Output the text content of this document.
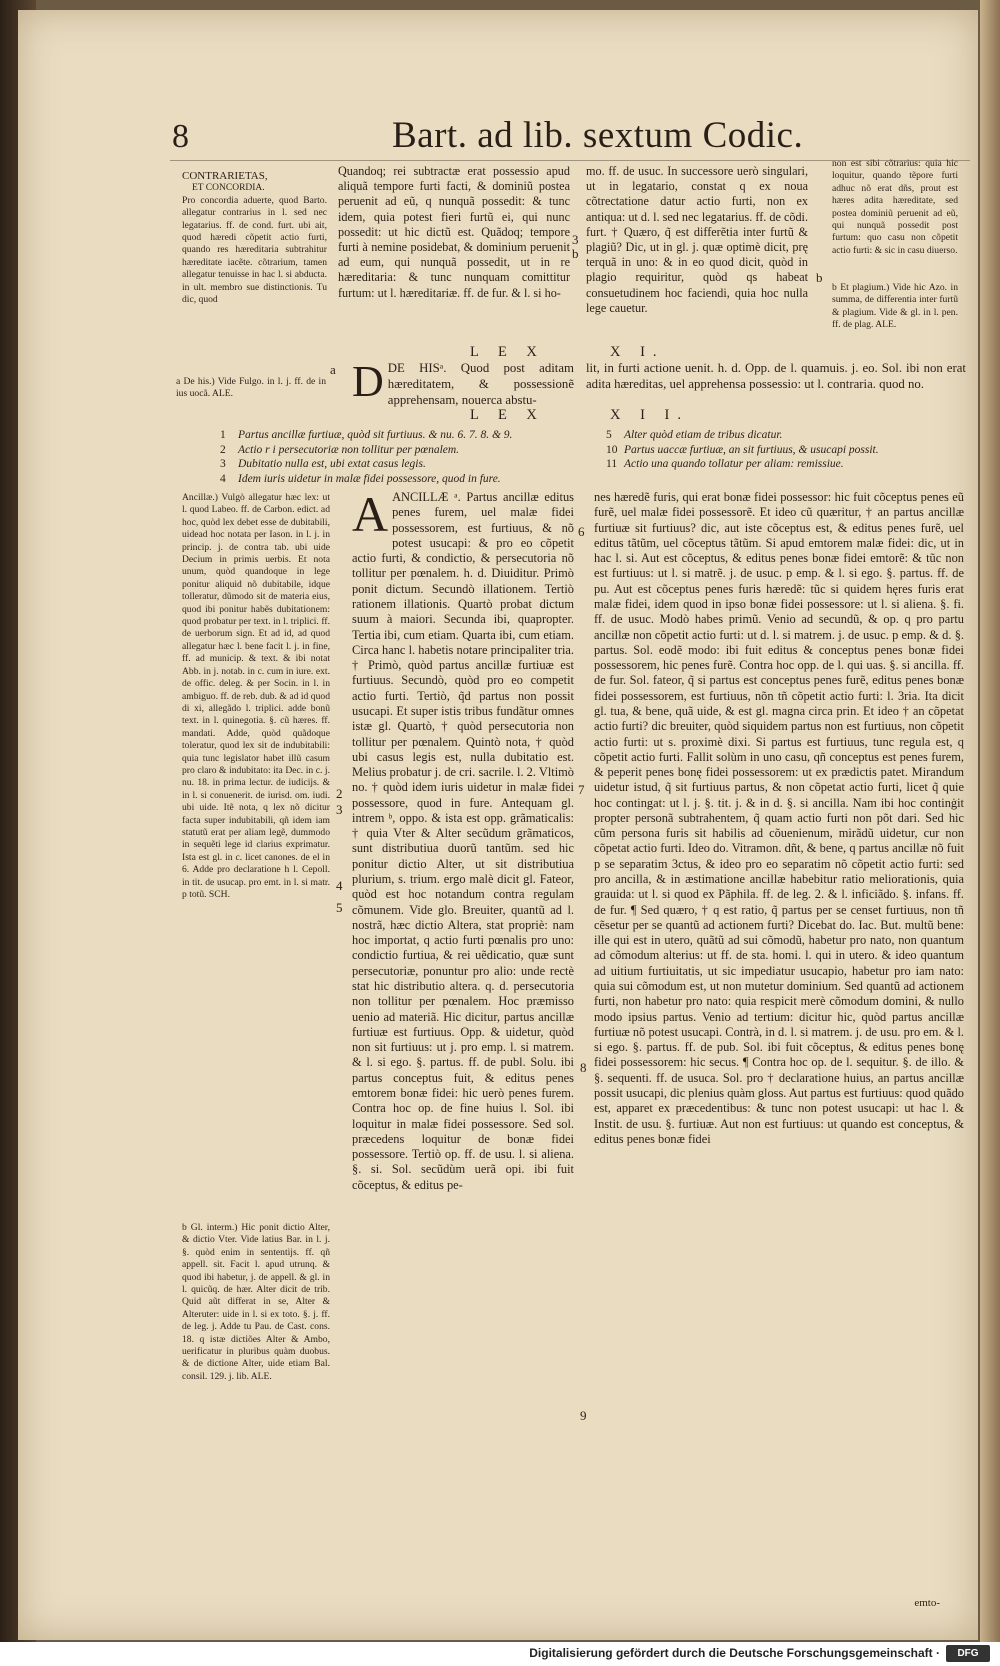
8	Bart. ad lib. sextum Codic.
CONTRARIETAS,
ET CONCORDIA.

Pro concordia aduerte, quod Barto. allegatur contrarius in l. sed nec legatarius. ff. de cond. furt. ubi ait, quod hæredi cõpetit actio furti, quando res hæreditaria subtrahitur hæreditate iacẽte. cõtrarium, tamen allegatur tenuisse in hac l. si abducta. in ult. membro sue distinctionis. Tu dic, quod

a De his.) Vide Fulgo. in l. j. ff. de in ius uocã. ALE.
Ancillæ.) Vulgò allegatur hæc lex: ut l. quod Labeo. ff. de Carbon. edict. ad hoc, quòd lex debet esse de dubitabili, uidead hoc notata per Iason. in l. j. in princip. j. de contra tab. ubi uide Decium in primis uerbis. Et nota unum, quòd quandoque in lege ponitur aliquid nõ dubitabile, idque tolleratur, dũmodo sit de materia eius, quod ibi ponitur habẽs dubitationem: quod probatur per text. in l. triplici. ff. de uerborum sign. Et ad id, ad quod allegatur hæc l. bene facit l. j. in fine, ff. ad municip. & text. & ibi notat Abb. in j. notab. in c. cum in iure. ext. de offic. deleg. & per Socin. in l. in ambiguo. ff. de reb. dub. & ad id quod di xi, allegãdo l. triplici. adde bonũ text. in l. quinegotia. §. cũ hæres. ff. mandati. Adde, quòd quãdoque toleratur, quod lex sit de indubitabili: quia tunc legislator habet illũ casum pro claro & indubitato: ita Dec. in c. j. nu. 18. in prima lectur. de iudicijs. & in l. si conuenerit. de iurisd. om. iudi. ubi uide. Itẽ nota, q lex nõ dicitur facta super indubitabili, qñ idem iam statutũ erat per aliam legẽ, dummodo in sequẽti lege id clarius exprimatur. Ista est gl. in c. licet canones. de el in 6. Adde pro declaratione h l. Cepoll. in tit. de usucap. pro emt. in l. si matr. p totũ. SCH.
b Gl. interm.) Hic ponit dictio Alter, & dictio Vter. Vide latius Bar. in l. j. §. quòd enim in sententijs. ff. qñ appell. sit. Facit l. apud utrunq. & quod ibi habetur, j. de appell. & gl. in l. quicũq. de hær. Alter dicit de trib. Quid aũt differat in se, Alter & Alteruter: uide in l. si ex toto. §. j. ff. de leg. j. Adde tu Pau. de Cast. cons. 18. q istæ dictiões Alter & Ambo, uerificatur in pluribus quàm duobus. & de dictione Alter, uide etiam Bal. consil. 129. j. lib. ALE.
Quandoq; rei subtractæ erat possessio apud aliquã tempore furti facti, & dominiũ postea peruenit ad eũ, q nunquã possedit: & tunc idem, quia potest fieri furtũ ei, qui nunc possedit: ut hic dictũ est. Quãdoq; tempore furti à nemine posidebat, & dominium peruenit ad eum, qui nunquã possedit, ut in re hæreditaria: & tunc nunquam comittitur furtum: ut l. hæreditariæ. ff. de fur. & l. si ho-
mo. ff. de usuc. In successore uerò singulari, ut in legatario, constat q ex noua cõtrectatione datur actio furti, non ex antiqua: ut d. l. sed nec legatarius. ff. de cõdi. furt. † Quæro, q̃ est differẽtia inter furtũ & plagiũ? Dic, ut in gl. j. quæ optimè dicit, prę terquã in uno: & in eo quod dicit, quòd in plagio requiritur, quòd qs habeat consuetudinem hoc faciendi, quia hoc nulla lege cauetur.
non est sibi cõtrarius: quia hic loquitur, quando tẽpore furti adhuc nõ erat dñs, prout est hæres adita hæreditate, sed postea dominiũ peruenit ad eũ, qui nunquã possedit post furtum: quo casu non cõpetit actio furti: & sic in casu diuerso.
b Et plagium.) Vide hic Azo. in summa, de differentia inter furtũ & plagium. Vide & gl. in l. pen. ff. de plag. ALE.
L E X	X I.
DDE HISᵃ. Quod post aditam hæreditatem, & possessionẽ apprehensam, nouerca abstu-
lit, in furti actione uenit. h. d. Opp. de l. quamuis. j. eo. Sol. ibi non erat adita hæreditas, uel apprehensa possessio: ut l. contraria. quod no.
L E X	X I I.
1 Partus ancillæ furtiuæ, quòd sit furtiuus. & nu. 6. 7. 8. & 9.
2 Actio r i persecutoriæ non tollitur per pœnalem.
3 Dubitatio nulla est, ubi extat casus legis.
4 Idem iuris uidetur in malæ fidei possessore, quod in fure.
5 Alter quòd etiam de tribus dicatur.
10 Partus uaccæ furtiuæ, an sit furtiuus, & usucapi possit.
11 Actio una quando tollatur per aliam: remissiue.
AANCILLÆ ᵃ. Partus ancillæ editus penes furem, uel malæ fidei possessorem, est furtiuus, & nõ potest usucapi: & pro eo cõpetit actio furti, & condictio, & persecutoria nõ tollitur per pœnalem. h. d. Diuiditur. Primò ponit dictum. Secundò illationem. Tertiò rationem illationis. Quartò probat dictum suum à maiori. Secunda ibi, quapropter. Tertia ibi, cum etiam. Quarta ibi, cum etiam. Circa hanc l. habetis notare principaliter tria. † Primò, quòd partus ancillæ furtiuæ est furtiuus. Secundò, quòd pro eo competit actio furti. Tertiò, q̃d partus non possit usucapi. Et super istis tribus fundãtur omnes istæ gl. Quartò, † quòd persecutoria non tollitur per pœnalem. Quintò nota, † quòd ubi casus legis est, nulla dubitatio est. Melius probatur j. de cri. sacrile. l. 2. Vltimò no. † quòd idem iuris uidetur in malæ fidei possessore, quod in fure. Antequam gl. intrem ᵇ, oppo. & ista est opp. grãmaticalis: † quia Vter & Alter secũdum grãmaticos, sunt distributiua duorũ tantũm. sed hic ponitur dictio Alter, ut sit distributiua plurium, s. trium. ergo malè dicit gl. Fateor, quòd est hoc notandum contra regulam cõmunem. Vide glo. Breuiter, quantũ ad l. nostrã, hæc dictio Altera, stat propriè: nam hoc importat, q actio furti pœnalis pro uno: condictio furtiua, & rei uẽdicatio, quæ sunt persecutoriæ, ponuntur pro alio: unde rectè stat hic distributio altera. q. d. persecutoria non tollitur per pœnalem. Hoc præmisso uenio ad materiã. Hic dicitur, partus ancillæ furtiuæ est furtiuus. Opp. & uidetur, quòd non sit furtiuus: ut j. pro emp. l. si matrem. & l. si ego. §. partus. ff. de publ. Solu. ibi partus conceptus fuit, & editus penes emtorem bonæ fidei: hic uerò penes furem. Contra hoc op. de fine huius l. Sol. ibi loquitur in malæ fidei possessore. Sed sol. præcedens loquitur de bonæ fidei possessore. Tertiò op. ff. de usu. l. si aliena. §. si. Sol. secũdùm uerã opi. ibi fuit cõceptus, & editus pe-
nes hæredẽ furis, qui erat bonæ fidei possessor: hic fuit cõceptus penes eũ furẽ, uel malæ fidei possessorẽ. Et ideo cũ quæritur, † an partus ancillæ furtiuæ sit furtiuus? dic, aut iste cõceptus est, & editus penes furẽ, uel editus tãtũm, uel cõceptus tãtũm. Si apud emtorem malæ fidei: dic, ut in hac l. si. Aut est cõceptus, & editus penes bonæ fidei emtorẽ: & tũc non est furtiuus: ut l. si matrẽ. j. de usuc. p emp. & l. si ego. §. partus. ff. de pu. Aut est cõceptus penes furis hæredẽ: tũc si quidem hęres furis erat malæ fidei, idem quod in ipso bonæ fidei possessore: ut l. si aliena. §. fi. ff. de usuc. Modò habes primũ. Venio ad secundũ, & op. q pro partu ancillæ non cõpetit actio furti: ut d. l. si matrem. j. de usuc. p emp. & d. §. partus. Sol. eodẽ modo: ibi fuit editus & conceptus penes bonæ fidei possessorem, hic penes furẽ. Contra hoc opp. de l. qui uas. §. si ancilla. ff. de fur. Sol. fateor, q̃ si partus est conceptus penes furẽ, editus penes bonæ fidei possessorem, est furtiuus, nõn tñ cõpetit actio furti: l. 3ria. Ita dicit gl. tua, & bene, quã uide, & est gl. magna circa prin. Et ideo † an cõpetat actio furti? dic breuiter, quòd siquidem partus non est furtiuus, non cõpetit actio furti: ut s. proximè dixi. Si partus est furtiuus, tunc regula est, q cõpetit actio furti. Fallit solùm in uno casu, qñ conceptus est penes furem, & peperit penes bonę fidei possessorem: ut ex prædictis patet. Mirandum uidetur istud, q̃ sit furtiuus partus, & non cõpetat actio furti, licet q̃ quie hoc contingat: ut l. j. §. tit. j. & in d. §. si ancilla. Nam ibi hoc continġit propter personã subtrahentem, q̃ quam actio furti non põt dari. Sed hic cũm persona furis sit habilis ad cõuenienum, mirãdũ uidetur, cur non cõpetat actio furti. Ideo do. Vitramon. dñt, & bene, q partus ancillæ nõ fuit p se separatim 3ctus, & ideo pro eo separatim nõ cõpetit actio furti: sed pro ancilla, & in æstimatione ancillæ habebitur ratio meliorationis, quia grauida: ut l. si quod ex Pãphila. ff. de leg. 2. & l. inficiãdo. §. infans. ff. de fur. ¶ Sed quæro, † q est ratio, q̃ partus per se censet furtiuus, non tñ cẽsetur per se quantũ ad actionem furti? Dicebat do. Iac. But. multũ bene: ille qui est in utero, quãtũ ad sui cõmodũ, habetur pro nato, non quantum ad cõmodum alterius: ut ff. de sta. homi. l. qui in utero. & ideo quantum ad uitium furtiuitatis, ut sic impediatur usucapio, habetur pro iam nato: quia sui cõmodum est, ut non mutetur dominium. Sed quantũ ad actionem furti, non habetur pro nato: quia respicit merè cõmodum domini, & nullo modo ipsius partus. Venio ad tertium: dicitur hic, quòd partus ancillæ furtiuæ nõ potest usucapi. Contrà, in d. l. si matrem. j. de usu. pro em. & l. si ego. §. partus. ff. de pub. Sol. ibi fuit cõceptus, & editus penes bonę fidei possessorem: hic secus. ¶ Contra hoc op. de l. sequitur. §. de illo. & §. sequenti. ff. de usuca. Sol. pro † declaratione huius, an partus ancillæ possit usucapi, dic plenius quàm gloss. Aut partus est furtiuus: quod quãdo est, apparet ex præcedentibus: & tunc non potest usucapi: ut hac l. & Instit. de usu. §. furtiuæ. Aut non est furtiuus: ut quando est conceptus, & editus penes bonæ fidei
3
b
a
b
6
2
3
4
5
7
8
9
emto-
Digitalisierung gefördert durch die Deutsche Forschungsgemeinschaft ·	DFG
